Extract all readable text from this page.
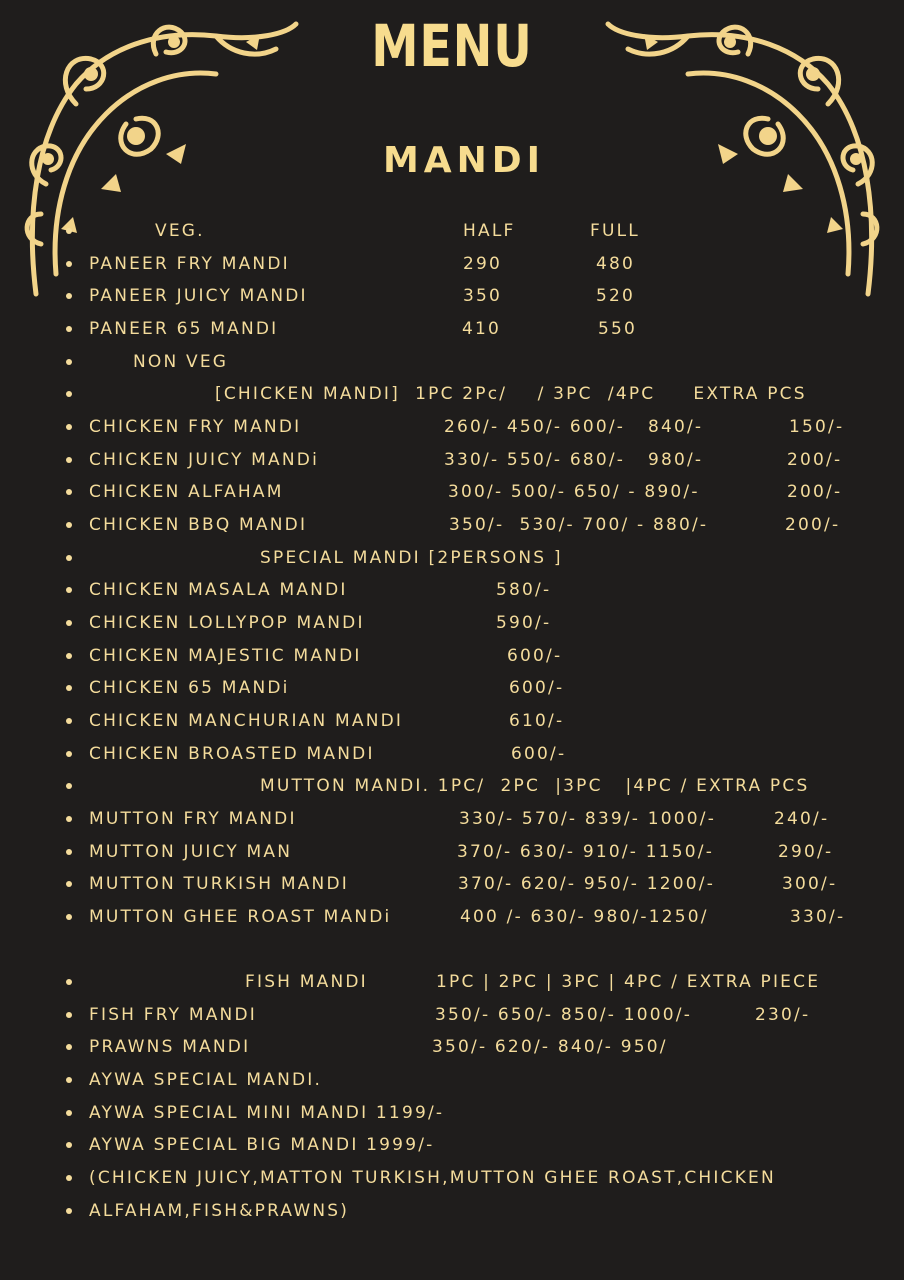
MENU
MANDI
VEG.	HALF	FULL
PANEER FRY MANDI	290	480
PANEER JUICY MANDI	350	520
PANEER 65 MANDI	410	550
NON VEG
[CHICKEN MANDI]  1PC 2Pc/    / 3PC  /4PC     EXTRA PCS
CHICKEN FRY MANDI	260/- 450/- 600/-   840/-	150/-
CHICKEN JUICY MANDi	330/- 550/- 680/-   980/-	200/-
CHICKEN ALFAHAM	300/- 500/- 650/ - 890/-	200/-
CHICKEN BBQ MANDI	350/-  530/- 700/ - 880/-	200/-
SPECIAL MANDI [2PERSONS ]
CHICKEN MASALA MANDI	580/-
CHICKEN LOLLYPOP MANDI	590/-
CHICKEN MAJESTIC MANDI	600/-
CHICKEN 65 MANDi	600/-
CHICKEN MANCHURIAN MANDI	610/-
CHICKEN BROASTED MANDI	600/-
MUTTON MANDI. 1PC/  2PC  |3PC   |4PC / EXTRA PCS
MUTTON FRY MANDI	330/- 570/- 839/- 1000/-	240/-
MUTTON JUICY MAN	370/- 630/- 910/- 1150/-	290/-
MUTTON TURKISH MANDI	370/- 620/- 950/- 1200/-	300/-
MUTTON GHEE ROAST MANDi	400 /- 630/- 980/-1250/	330/-
FISH MANDI	1PC | 2PC | 3PC | 4PC / EXTRA PIECE
FISH FRY MANDI	350/- 650/- 850/- 1000/-	230/-
PRAWNS MANDI	350/- 620/- 840/- 950/
AYWA SPECIAL MANDI.
AYWA SPECIAL MINI MANDI 1199/-
AYWA SPECIAL BIG MANDI 1999/-
(CHICKEN JUICY,MATTON TURKISH,MUTTON GHEE ROAST,CHICKEN
ALFAHAM,FISH&PRAWNS)
